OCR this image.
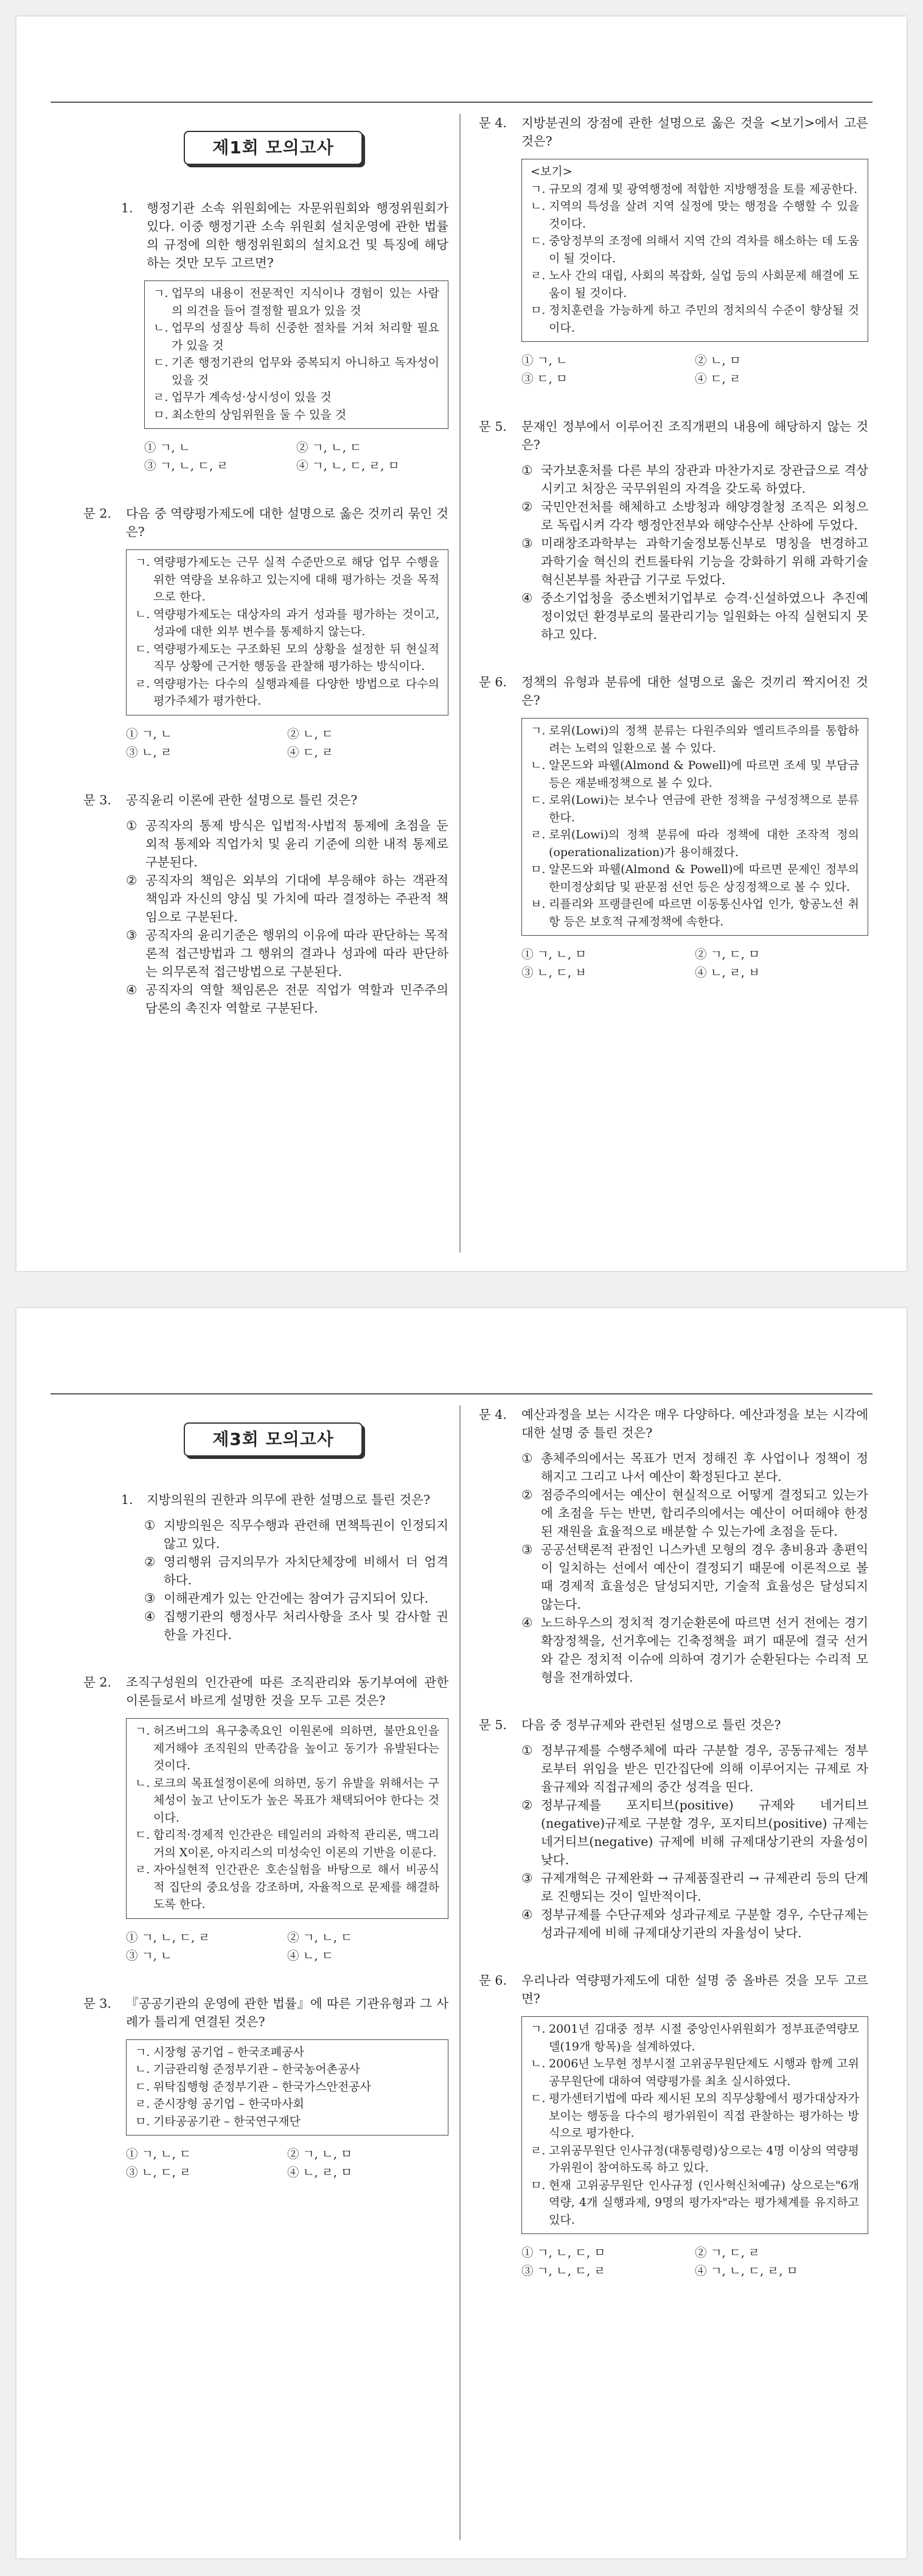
제1회 모의고사
1.	행정기관 소속 위원회에는 자문위원회와 행정위원회가 있다. 이중 행정기관 소속 위원회 설치운영에 관한 법률의 규정에 의한 행정위원회의 설치요건 및 특징에 해당하는 것만 모두 고르면?
ㄱ. 업무의 내용이 전문적인 지식이나 경험이 있는 사람의 의견을 들어 결정할 필요가 있을 것
ㄴ. 업무의 성질상 특히 신중한 절차를 거쳐 처리할 필요가 있을 것
ㄷ. 기존 행정기관의 업무와 중복되지 아니하고 독자성이 있을 것
ㄹ. 업무가 계속성·상시성이 있을 것
ㅁ. 최소한의 상임위원을 둘 수 있을 것
① ㄱ, ㄴ	② ㄱ, ㄴ, ㄷ
③ ㄱ, ㄴ, ㄷ, ㄹ	④ ㄱ, ㄴ, ㄷ, ㄹ, ㅁ
문 2.	다음 중 역량평가제도에 대한 설명으로 옳은 것끼리 묶인 것은?
ㄱ. 역량평가제도는 근무 실적 수준만으로 해당 업무 수행을 위한 역량을 보유하고 있는지에 대해 평가하는 것을 목적으로 한다.
ㄴ. 역량평가제도는 대상자의 과거 성과를 평가하는 것이고, 성과에 대한 외부 변수를 통제하지 않는다.
ㄷ. 역량평가제도는 구조화된 모의 상황을 설정한 뒤 현실적 직무 상황에 근거한 행동을 관찰해 평가하는 방식이다.
ㄹ. 역량평가는 다수의 실행과제를 다양한 방법으로 다수의 평가주체가 평가한다.
① ㄱ, ㄴ	② ㄴ, ㄷ
③ ㄴ, ㄹ	④ ㄷ, ㄹ
문 3.	공직윤리 이론에 관한 설명으로 틀린 것은?
① 공직자의 통제 방식은 입법적·사법적 통제에 초점을 둔 외적 통제와 직업가치 및 윤리 기준에 의한 내적 통제로 구분된다.
② 공직자의 책임은 외부의 기대에 부응해야 하는 객관적 책임과 자신의 양심 및 가치에 따라 결정하는 주관적 책임으로 구분된다.
③ 공직자의 윤리기준은 행위의 이유에 따라 판단하는 목적론적 접근방법과 그 행위의 결과나 성과에 따라 판단하는 의무론적 접근방법으로 구분된다.
④ 공직자의 역할 책임론은 전문 직업가 역할과 민주주의 담론의 촉진자 역할로 구분된다.
문 4.	지방분권의 장점에 관한 설명으로 옳은 것을 <보기>에서 고른 것은?
<보기>
ㄱ. 규모의 경제 및 광역행정에 적합한 지방행정을 토를 제공한다.
ㄴ. 지역의 특성을 살려 지역 실정에 맞는 행정을 수행할 수 있을 것이다.
ㄷ. 중앙정부의 조정에 의해서 지역 간의 격차를 해소하는 데 도움이 될 것이다.
ㄹ. 노사 간의 대립, 사회의 복잡화, 실업 등의 사회문제 해결에 도움이 될 것이다.
ㅁ. 정치훈련을 가능하게 하고 주민의 정치의식 수준이 향상될 것이다.
① ㄱ, ㄴ	② ㄴ, ㅁ
③ ㄷ, ㅁ	④ ㄷ, ㄹ
문 5.	문재인 정부에서 이루어진 조직개편의 내용에 해당하지 않는 것은?
① 국가보훈처를 다른 부의 장관과 마찬가지로 장관급으로 격상시키고 처장은 국무위원의 자격을 갖도록 하였다.
② 국민안전처를 해체하고 소방청과 해양경찰청 조직은 외청으로 독립시켜 각각 행정안전부와 해양수산부 산하에 두었다.
③ 미래창조과학부는 과학기술정보통신부로 명칭을 변경하고 과학기술 혁신의 컨트롤타워 기능을 강화하기 위해 과학기술혁신본부를 차관급 기구로 두었다.
④ 중소기업청을 중소벤처기업부로 승격·신설하였으나 추진예정이었던 환경부로의 물관리기능 일원화는 아직 실현되지 못하고 있다.
문 6.	정책의 유형과 분류에 대한 설명으로 옳은 것끼리 짝지어진 것은?
ㄱ. 로위(Lowi)의 정책 분류는 다원주의와 엘리트주의를 통합하려는 노력의 일환으로 볼 수 있다.
ㄴ. 알몬드와 파웰(Almond & Powell)에 따르면 조세 및 부담금 등은 재분배정책으로 볼 수 있다.
ㄷ. 로위(Lowi)는 보수나 연금에 관한 정책을 구성정책으로 분류한다.
ㄹ. 로위(Lowi)의 정책 분류에 따라 정책에 대한 조작적 정의(operationalization)가 용이해졌다.
ㅁ. 알몬드와 파웰(Almond & Powell)에 따르면 문제인 정부의 한미정상회담 및 판문점 선언 등은 상징정책으로 볼 수 있다.
ㅂ. 리플리와 프랭클린에 따르면 이동통신사업 인가, 항공노선 취항 등은 보호적 규제정책에 속한다.
① ㄱ, ㄴ, ㅁ	② ㄱ, ㄷ, ㅁ
③ ㄴ, ㄷ, ㅂ	④ ㄴ, ㄹ, ㅂ
제3회 모의고사
1.	지방의원의 권한과 의무에 관한 설명으로 틀린 것은?
① 지방의원은 직무수행과 관련해 면책특권이 인정되지 않고 있다.
② 영리행위 금지의무가 자치단체장에 비해서 더 엄격하다.
③ 이해관계가 있는 안건에는 참여가 금지되어 있다.
④ 집행기관의 행정사무 처리사항을 조사 및 감사할 권한을 가진다.
문 2.	조직구성원의 인간관에 따른 조직관리와 동기부여에 관한 이론들로서 바르게 설명한 것을 모두 고른 것은?
ㄱ. 허즈버그의 욕구충족요인 이원론에 의하면, 불만요인을 제거해야 조직원의 만족감을 높이고 동기가 유발된다는 것이다.
ㄴ. 로크의 목표설정이론에 의하면, 동기 유발을 위해서는 구체성이 높고 난이도가 높은 목표가 채택되어야 한다는 것이다.
ㄷ. 합리적·경제적 인간관은 테일러의 과학적 관리론, 맥그리거의 X이론, 아지리스의 미성숙인 이론의 기반을 이룬다.
ㄹ. 자아실현적 인간관은 호손실험을 바탕으로 해서 비공식적 집단의 중요성을 강조하며, 자율적으로 문제를 해결하도록 한다.
① ㄱ, ㄴ, ㄷ, ㄹ	② ㄱ, ㄴ, ㄷ
③ ㄱ, ㄴ	④ ㄴ, ㄷ
문 3.	『공공기관의 운영에 관한 법률』에 따른 기관유형과 그 사례가 틀리게 연결된 것은?
ㄱ. 시장형 공기업 – 한국조폐공사
ㄴ. 기금관리형 준정부기관 – 한국농어촌공사
ㄷ. 위탁집행형 준정부기관 – 한국가스안전공사
ㄹ. 준시장형 공기업 – 한국마사회
ㅁ. 기타공공기관 – 한국연구재단
① ㄱ, ㄴ, ㄷ	② ㄱ, ㄴ, ㅁ
③ ㄴ, ㄷ, ㄹ	④ ㄴ, ㄹ, ㅁ
문 4.	예산과정을 보는 시각은 매우 다양하다. 예산과정을 보는 시각에 대한 설명 중 틀린 것은?
① 총체주의에서는 목표가 먼저 정해진 후 사업이나 정책이 정해지고 그리고 나서 예산이 확정된다고 본다.
② 점증주의에서는 예산이 현실적으로 어떻게 결정되고 있는가에 초점을 두는 반면, 합리주의에서는 예산이 어떠해야 한정된 재원을 효율적으로 배분할 수 있는가에 초점을 둔다.
③ 공공선택론적 관점인 니스카넨 모형의 경우 총비용과 총편익이 일치하는 선에서 예산이 결정되기 때문에 이론적으로 볼 때 경제적 효율성은 달성되지만, 기술적 효율성은 달성되지 않는다.
④ 노드하우스의 정치적 경기순환론에 따르면 선거 전에는 경기확장정책을, 선거후에는 긴축정책을 펴기 때문에 결국 선거와 같은 정치적 이슈에 의하여 경기가 순환된다는 수리적 모형을 전개하였다.
문 5.	다음 중 정부규제와 관련된 설명으로 틀린 것은?
① 정부규제를 수행주체에 따라 구분할 경우, 공동규제는 정부로부터 위임을 받은 민간집단에 의해 이루어지는 규제로 자율규제와 직접규제의 중간 성격을 띤다.
② 정부규제를 포지티브(positive) 규제와 네거티브(negative)규제로 구분할 경우, 포지티브(positive) 규제는 네거티브(negative) 규제에 비해 규제대상기관의 자율성이 낮다.
③ 규제개혁은 규제완화 → 규제품질관리 → 규제관리 등의 단계로 진행되는 것이 일반적이다.
④ 정부규제를 수단규제와 성과규제로 구분할 경우, 수단규제는 성과규제에 비해 규제대상기관의 자율성이 낮다.
문 6.	우리나라 역량평가제도에 대한 설명 중 올바른 것을 모두 고르면?
ㄱ. 2001년 김대중 정부 시절 중앙인사위원회가 정부표준역량모델(19개 항목)을 설계하였다.
ㄴ. 2006년 노무현 정부시절 고위공무원단제도 시행과 함께 고위공무원단에 대하여 역량평가를 최초 실시하였다.
ㄷ. 평가센터기법에 따라 제시된 모의 직무상황에서 평가대상자가 보이는 행동을 다수의 평가위원이 직접 관찰하는 평가하는 방식으로 평가한다.
ㄹ. 고위공무원단 인사규정(대통령령)상으로는 4명 이상의 역량평가위원이 참여하도록 하고 있다.
ㅁ. 현재 고위공무원단 인사규정 (인사혁신처예규) 상으로는"6개 역량, 4개 실행과제, 9명의 평가자"라는 평가체계를 유지하고 있다.
① ㄱ, ㄴ, ㄷ, ㅁ	② ㄱ, ㄷ, ㄹ
③ ㄱ, ㄴ, ㄷ, ㄹ	④ ㄱ, ㄴ, ㄷ, ㄹ, ㅁ
